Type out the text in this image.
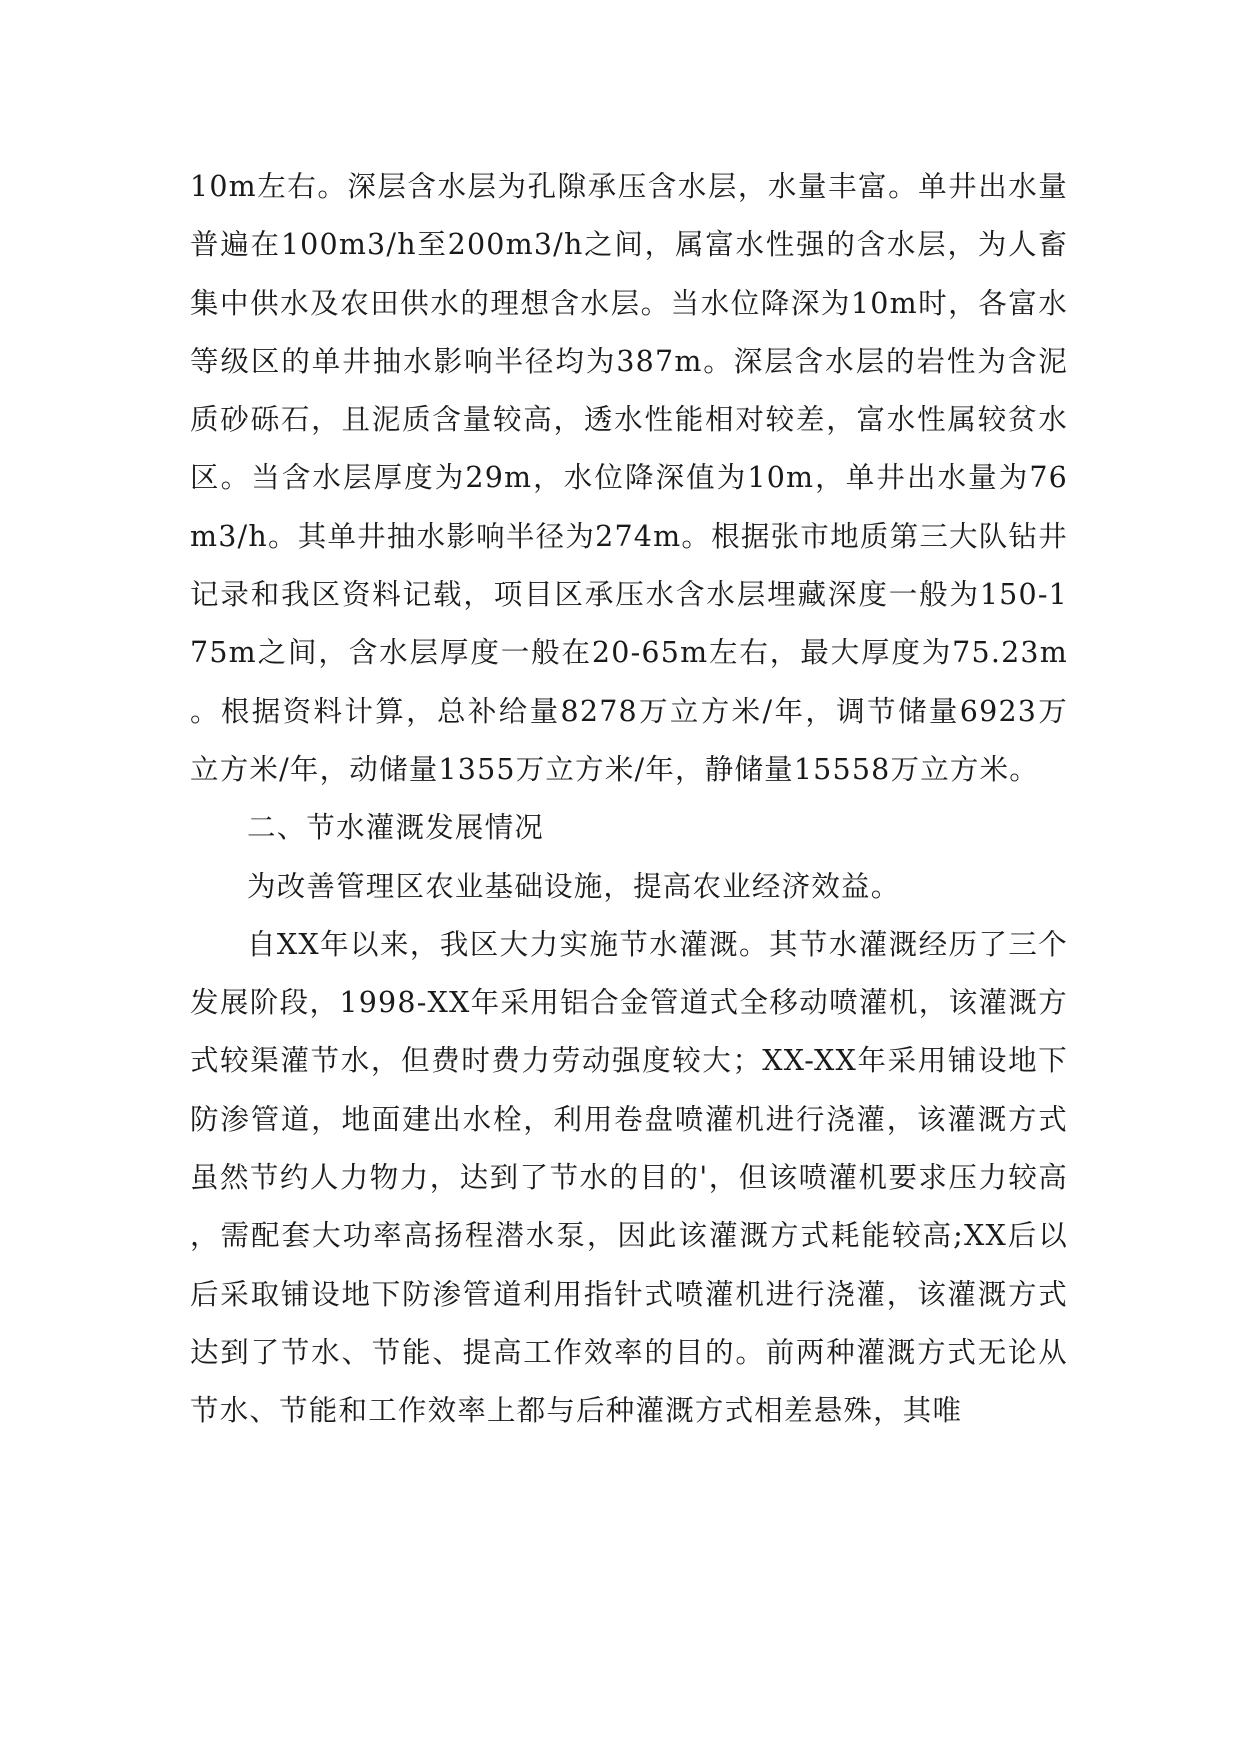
10m左右。深层含水层为孔隙承压含水层，水量丰富。单井出水量普遍在100m3/h至200m3/h之间，属富水性强的含水层，为人畜集中供水及农田供水的理想含水层。当水位降深为10m时，各富水等级区的单井抽水影响半径均为387m。深层含水层的岩性为含泥质砂砾石，且泥质含量较高，透水性能相对较差，富水性属较贫水区。当含水层厚度为29m，水位降深值为10m，单井出水量为76m3/h。其单井抽水影响半径为274m。根据张市地质第三大队钻井记录和我区资料记载，项目区承压水含水层埋藏深度一般为150-175m之间，含水层厚度一般在20-65m左右，最大厚度为75.23m。根据资料计算，总补给量8278万立方米/年，调节储量6923万立方米/年，动储量1355万立方米/年，静储量15558万立方米。

二、节水灌溉发展情况

为改善管理区农业基础设施，提高农业经济效益。

自XX年以来，我区大力实施节水灌溉。其节水灌溉经历了三个发展阶段，1998-XX年采用铝合金管道式全移动喷灌机，该灌溉方式较渠灌节水，但费时费力劳动强度较大；XX-XX年采用铺设地下防渗管道，地面建出水栓，利用卷盘喷灌机进行浇灌，该灌溉方式虽然节约人力物力，达到了节水的目的'，但该喷灌机要求压力较高，需配套大功率高扬程潜水泵，因此该灌溉方式耗能较高;XX后以后采取铺设地下防渗管道利用指针式喷灌机进行浇灌，该灌溉方式达到了节水、节能、提高工作效率的目的。前两种灌溉方式无论从节水、节能和工作效率上都与后种灌溉方式相差悬殊，其唯
